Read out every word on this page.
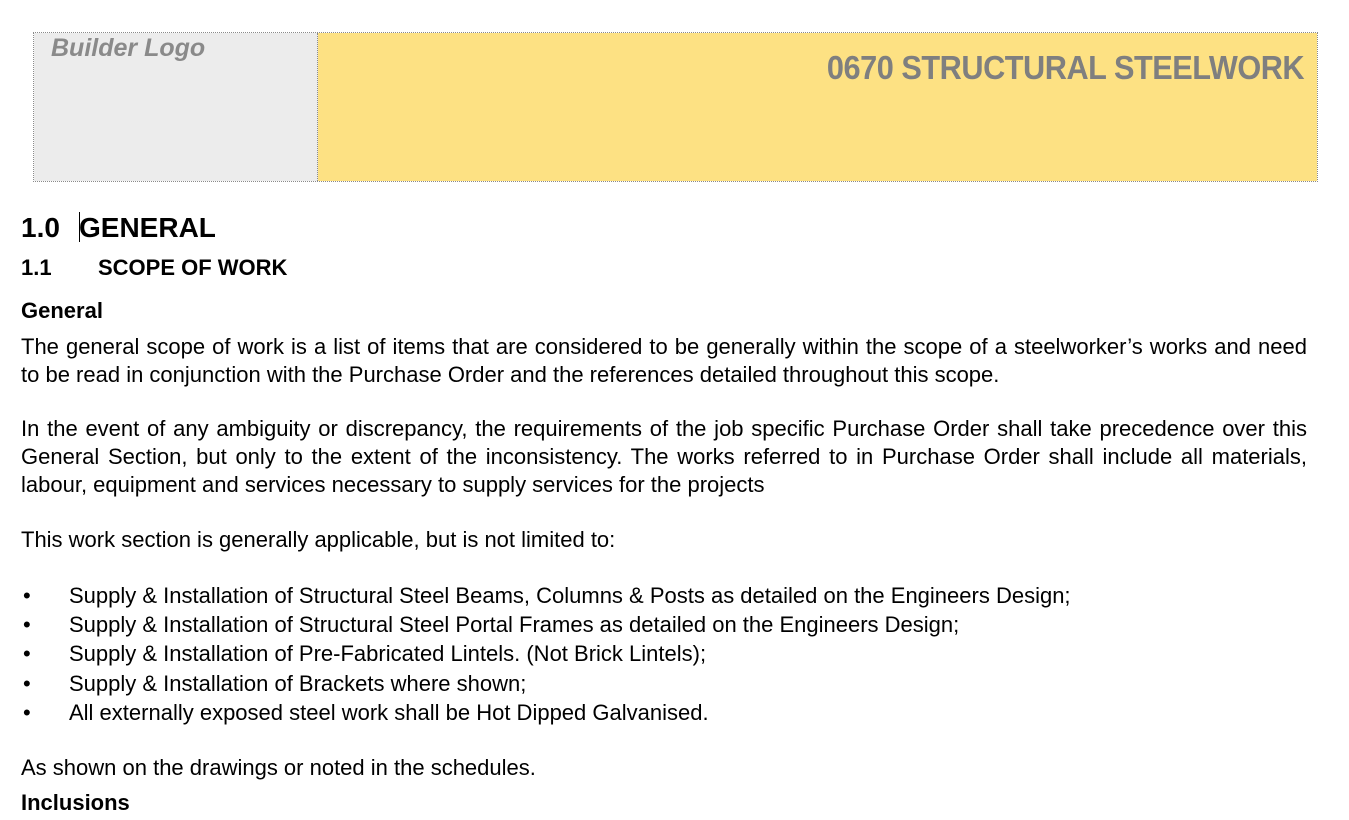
Builder Logo
0670 STRUCTURAL STEELWORK
1.0 GENERAL
1.1 SCOPE OF WORK
General
The general scope of work is a list of items that are considered to be generally within the scope of a steelworker’s works and need to be read in conjunction with the Purchase Order and the references detailed throughout this scope.
In the event of any ambiguity or discrepancy, the requirements of the job specific Purchase Order shall take precedence over this General Section, but only to the extent of the inconsistency. The works referred to in Purchase Order shall include all materials, labour, equipment and services necessary to supply services for the projects
This work section is generally applicable, but is not limited to:
• Supply & Installation of Structural Steel Beams, Columns & Posts as detailed on the Engineers Design;
• Supply & Installation of Structural Steel Portal Frames as detailed on the Engineers Design;
• Supply & Installation of Pre-Fabricated Lintels. (Not Brick Lintels);
• Supply & Installation of Brackets where shown;
• All externally exposed steel work shall be Hot Dipped Galvanised.
As shown on the drawings or noted in the schedules.
Inclusions
